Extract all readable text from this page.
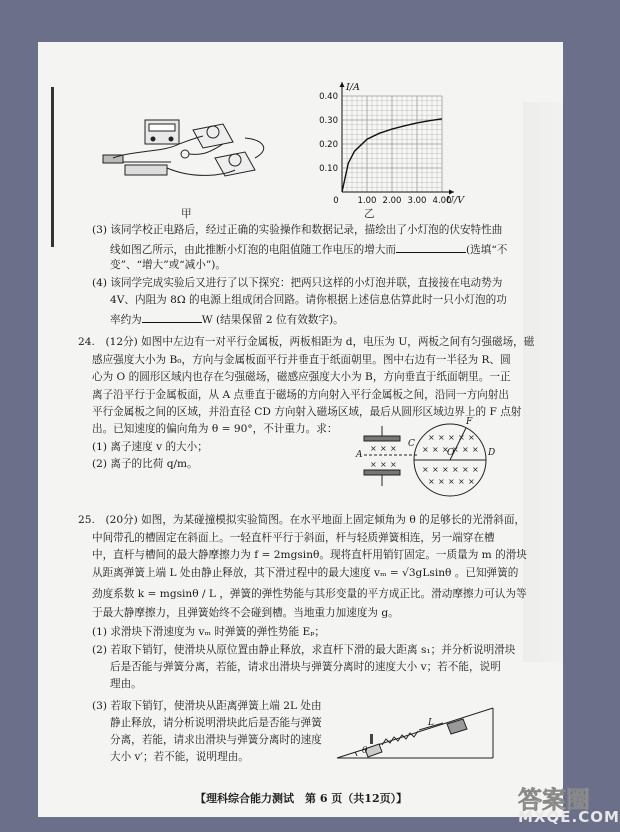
甲
0.40
0.30
0.20
0.10
0 1.00 2.00 3.00 4.00
I/A
U/V
乙
(3) 该同学校正电路后，经过正确的实验操作和数据记录，描绘出了小灯泡的伏安特性曲
线如图乙所示，由此推断小灯泡的电阻值随工作电压的增大而	(选填“不
变”、“增大”或“减小”)。
(4) 该同学完成实验后又进行了以下探究：把两只这样的小灯泡并联，直接接在电动势为
4V、内阻为 8Ω 的电源上组成闭合回路。请你根据上述信息估算此时一只小灯泡的功
率约为	W (结果保留 2 位有效数字)。
24.　(12分) 如图中左边有一对平行金属板，两板相距为 d，电压为 U，两板之间有匀强磁场，磁
感应强度大小为 B₀，方向与金属板面平行并垂直于纸面朝里。图中右边有一半径为 R、圆
心为 O 的圆形区域内也存在匀强磁场，磁感应强度大小为 B，方向垂直于纸面朝里。一正
离子沿平行于金属板面，从 A 点垂直于磁场的方向射入平行金属板之间，沿同一方向射出
平行金属板之间的区域，并沿直径 CD 方向射入磁场区域，最后从圆形区域边界上的 F 点射
出。已知速度的偏向角为 θ = 90°，不计重力。求：
(1) 离子速度 v 的大小；
(2) 离子的比荷 q/m。
× × ×
× × ×
× × × × ×
× × × × × ×
× × × × × ×
× × × × ×
A
C
O	D
F
25.　(20分) 如图，为某碰撞模拟实验简图。在水平地面上固定倾角为 θ 的足够长的光滑斜面，
中间带孔的槽固定在斜面上。一轻直杆平行于斜面，杆与轻质弹簧相连，另一端穿在槽
中，直杆与槽间的最大静摩擦力为 f = 2mgsinθ。现将直杆用销钉固定。一质量为 m 的滑块
从距离弹簧上端 L 处由静止释放，其下滑过程中的最大速度 vₘ = √3gLsinθ 。已知弹簧的
劲度系数 k = mgsinθ / L ，弹簧的弹性势能与其形变量的平方成正比。滑动摩擦力可认为等
于最大静摩擦力，且弹簧始终不会碰到槽。当地重力加速度为 g。
(1) 求滑块下滑速度为 vₘ 时弹簧的弹性势能 Eₚ；
(2) 若取下销钉，使滑块从原位置由静止释放，求直杆下滑的最大距离 s₁；并分析说明滑块
后是否能与弹簧分离，若能，请求出滑块与弹簧分离时的速度大小 v；若不能，说明
理由。
(3) 若取下销钉，使滑块从距离弹簧上端 2L 处由
静止释放，请分析说明滑块此后是否能与弹簧
分离，若能，请求出滑块与弹簧分离时的速度
大小 v′；若不能，说明理由。
L
θ
【理科综合能力测试　第 6 页（共12页）】	答案圈
MXQE.COM
